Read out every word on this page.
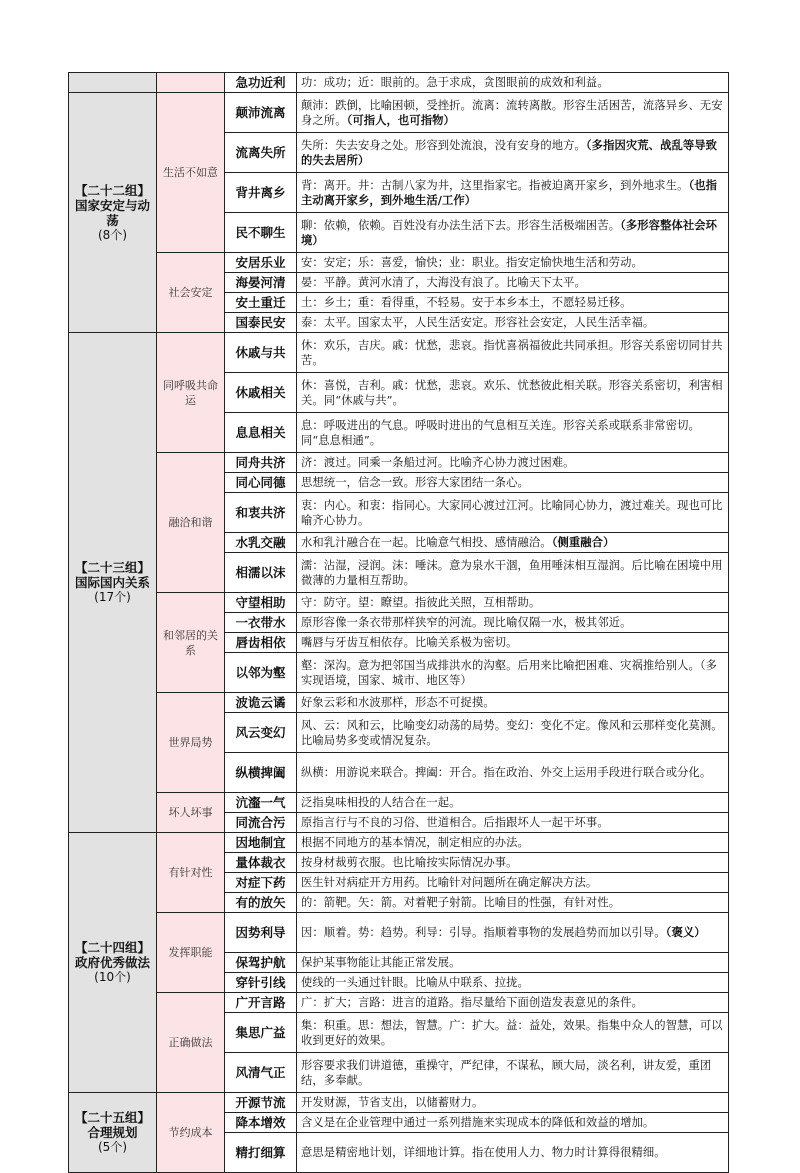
		急功近利	功：成功；近：眼前的。急于求成，贪图眼前的成效和利益。

【二十二组】
国家安定与动荡
(8个)	生活不如意	颠沛流离	颠沛：跌倒，比喻困顿，受挫折。流离：流转离散。形容生活困苦，流落异乡、无安身之所。（可指人，也可指物）
		流离失所	失所：失去安身之处。形容到处流浪，没有安身的地方。（多指因灾荒、战乱等导致的失去居所）
		背井离乡	背：离开。井：古制八家为井，这里指家宅。指被迫离开家乡，到外地求生。（也指主动离开家乡，到外地生活/工作）
		民不聊生	聊：依赖，依赖。百姓没有办法生活下去。形容生活极端困苦。（多形容整体社会环境）
	社会安定	安居乐业	安：安定；乐：喜爱，愉快；业：职业。指安定愉快地生活和劳动。
		海晏河清	晏：平静。黄河水清了，大海没有浪了。比喻天下太平。
		安土重迁	土：乡土；重：看得重，不轻易。安于本乡本土，不愿轻易迁移。
		国泰民安	泰：太平。国家太平，人民生活安定。形容社会安定，人民生活幸福。

【二十三组】
国际国内关系
(17个)	同呼吸共命运	休戚与共	休：欢乐，吉庆。戚：忧愁，悲哀。指忧喜祸福彼此共同承担。形容关系密切同甘共苦。
		休戚相关	休：喜悦，吉利。戚：忧愁，悲哀。欢乐、忧愁彼此相关联。形容关系密切，利害相关。同“休戚与共”。
		息息相关	息：呼吸进出的气息。呼吸时进出的气息相互关连。形容关系或联系非常密切。同“息息相通”。
	融洽和谐	同舟共济	济：渡过。同乘一条船过河。比喻齐心协力渡过困难。
		同心同德	思想统一，信念一致。形容大家团结一条心。
		和衷共济	衷：内心。和衷：指同心。大家同心渡过江河。比喻同心协力，渡过难关。现也可比喻齐心协力。
		水乳交融	水和乳汁融合在一起。比喻意气相投、感情融洽。（侧重融合）
		相濡以沫	濡：沾湿，浸润。沫：唾沫。意为泉水干涸，鱼用唾沫相互湿润。后比喻在困境中用微薄的力量相互帮助。
	和邻居的关系	守望相助	守：防守。望：瞭望。指彼此关照，互相帮助。
		一衣带水	原形容像一条衣带那样狭窄的河流。现比喻仅隔一水，极其邻近。
		唇齿相依	嘴唇与牙齿互相依存。比喻关系极为密切。
		以邻为壑	壑：深沟。意为把邻国当成排洪水的沟壑。后用来比喻把困难、灾祸推给别人。（多实现语境，国家、城市、地区等）
	世界局势	波诡云谲	好象云彩和水波那样，形态不可捉摸。
		风云变幻	风、云：风和云，比喻变幻动荡的局势。变幻：变化不定。像风和云那样变化莫测。比喻局势多变或情况复杂。
		纵横捭阖	纵横：用游说来联合。捭阖：开合。指在政治、外交上运用手段进行联合或分化。
	坏人坏事	沆瀣一气	泛指臭味相投的人结合在一起。
		同流合污	原指言行与不良的习俗、世道相合。后指跟坏人一起干坏事。

【二十四组】
政府优秀做法
(10个)	有针对性	因地制宜	根据不同地方的基本情况，制定相应的办法。
		量体裁衣	按身材裁剪衣服。也比喻按实际情况办事。
		对症下药	医生针对病症开方用药。比喻针对问题所在确定解决方法。
		有的放矢	的：箭靶。矢：箭。对着靶子射箭。比喻目的性强，有针对性。
	发挥职能	因势利导	因：顺着。势：趋势。利导：引导。指顺着事物的发展趋势而加以引导。（褒义）
		保驾护航	保护某事物能让其能正常发展。
		穿针引线	使线的一头通过针眼。比喻从中联系、拉拢。
	正确做法	广开言路	广：扩大；言路：进言的道路。指尽量给下面创造发表意见的条件。
		集思广益	集：积重。思：想法，智慧。广：扩大。益：益处，效果。指集中众人的智慧，可以收到更好的效果。
		风清气正	形容要求我们讲道德，重操守，严纪律，不谋私，顾大局，淡名利，讲友爱，重团结，多奉献。

【二十五组】
合理规划
(5个)	节约成本	开源节流	开发财源，节省支出，以储蓄财力。
		降本增效	含义是在企业管理中通过一系列措施来实现成本的降低和效益的增加。
		精打细算	意思是精密地计划，详细地计算。指在使用人力、物力时计算得很精细。
